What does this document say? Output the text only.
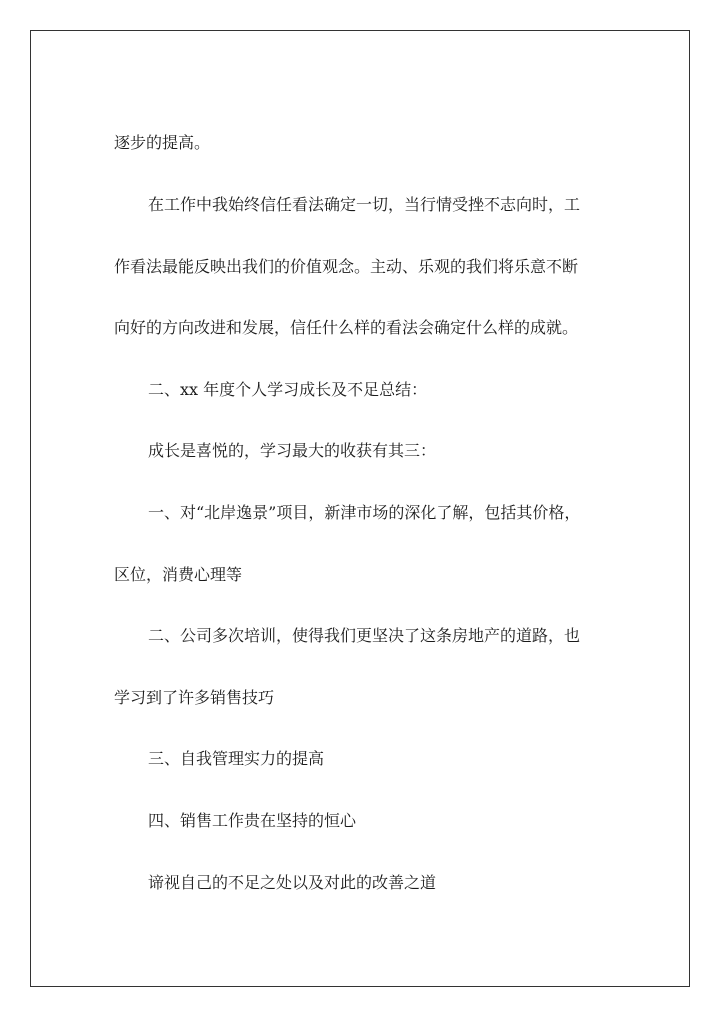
逐步的提高。

在工作中我始终信任看法确定一切，当行情受挫不志向时，工

作看法最能反映出我们的价值观念。主动、乐观的我们将乐意不断

向好的方向改进和发展，信任什么样的看法会确定什么样的成就。

二、xx 年度个人学习成长及不足总结：

成长是喜悦的，学习最大的收获有其三：

一、对“北岸逸景”项目，新津市场的深化了解，包括其价格，

区位，消费心理等

二、公司多次培训，使得我们更坚决了这条房地产的道路，也

学习到了许多销售技巧

三、自我管理实力的提高

四、销售工作贵在坚持的恒心

谛视自己的不足之处以及对此的改善之道
